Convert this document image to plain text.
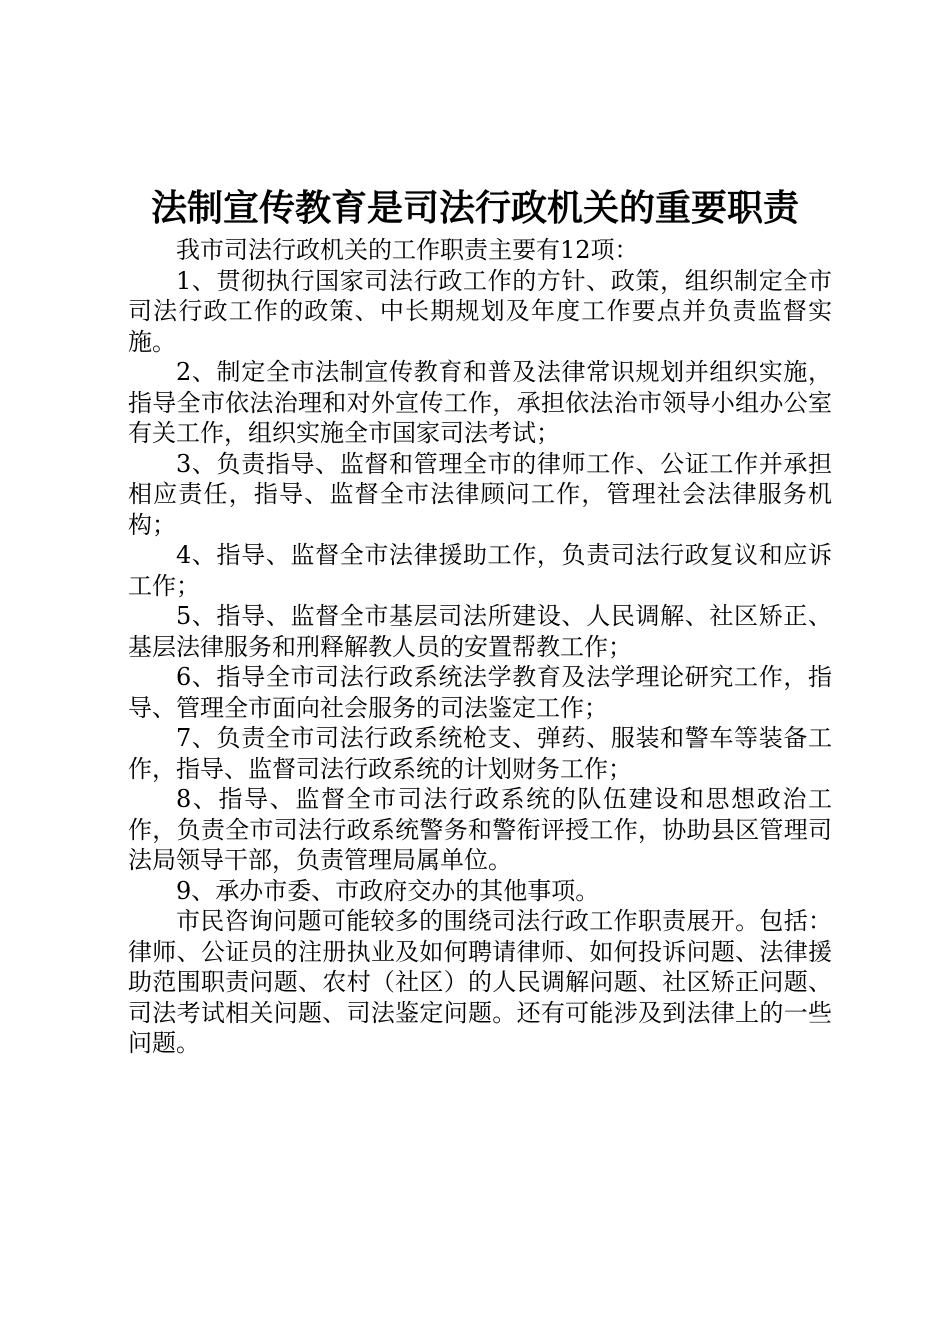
法制宣传教育是司法行政机关的重要职责

我市司法行政机关的工作职责主要有12项：

1、贯彻执行国家司法行政工作的方针、政策，组织制定全市司法行政工作的政策、中长期规划及年度工作要点并负责监督实施。

2、制定全市法制宣传教育和普及法律常识规划并组织实施，指导全市依法治理和对外宣传工作，承担依法治市领导小组办公室有关工作，组织实施全市国家司法考试；

3、负责指导、监督和管理全市的律师工作、公证工作并承担相应责任，指导、监督全市法律顾问工作，管理社会法律服务机构；

4、指导、监督全市法律援助工作，负责司法行政复议和应诉工作；

5、指导、监督全市基层司法所建设、人民调解、社区矫正、基层法律服务和刑释解教人员的安置帮教工作；

6、指导全市司法行政系统法学教育及法学理论研究工作，指导、管理全市面向社会服务的司法鉴定工作；

7、负责全市司法行政系统枪支、弹药、服装和警车等装备工作，指导、监督司法行政系统的计划财务工作；

8、指导、监督全市司法行政系统的队伍建设和思想政治工作，负责全市司法行政系统警务和警衔评授工作，协助县区管理司法局领导干部，负责管理局属单位。

9、承办市委、市政府交办的其他事项。

市民咨询问题可能较多的围绕司法行政工作职责展开。包括：律师、公证员的注册执业及如何聘请律师、如何投诉问题、法律援助范围职责问题、农村（社区）的人民调解问题、社区矫正问题、司法考试相关问题、司法鉴定问题。还有可能涉及到法律上的一些问题。
